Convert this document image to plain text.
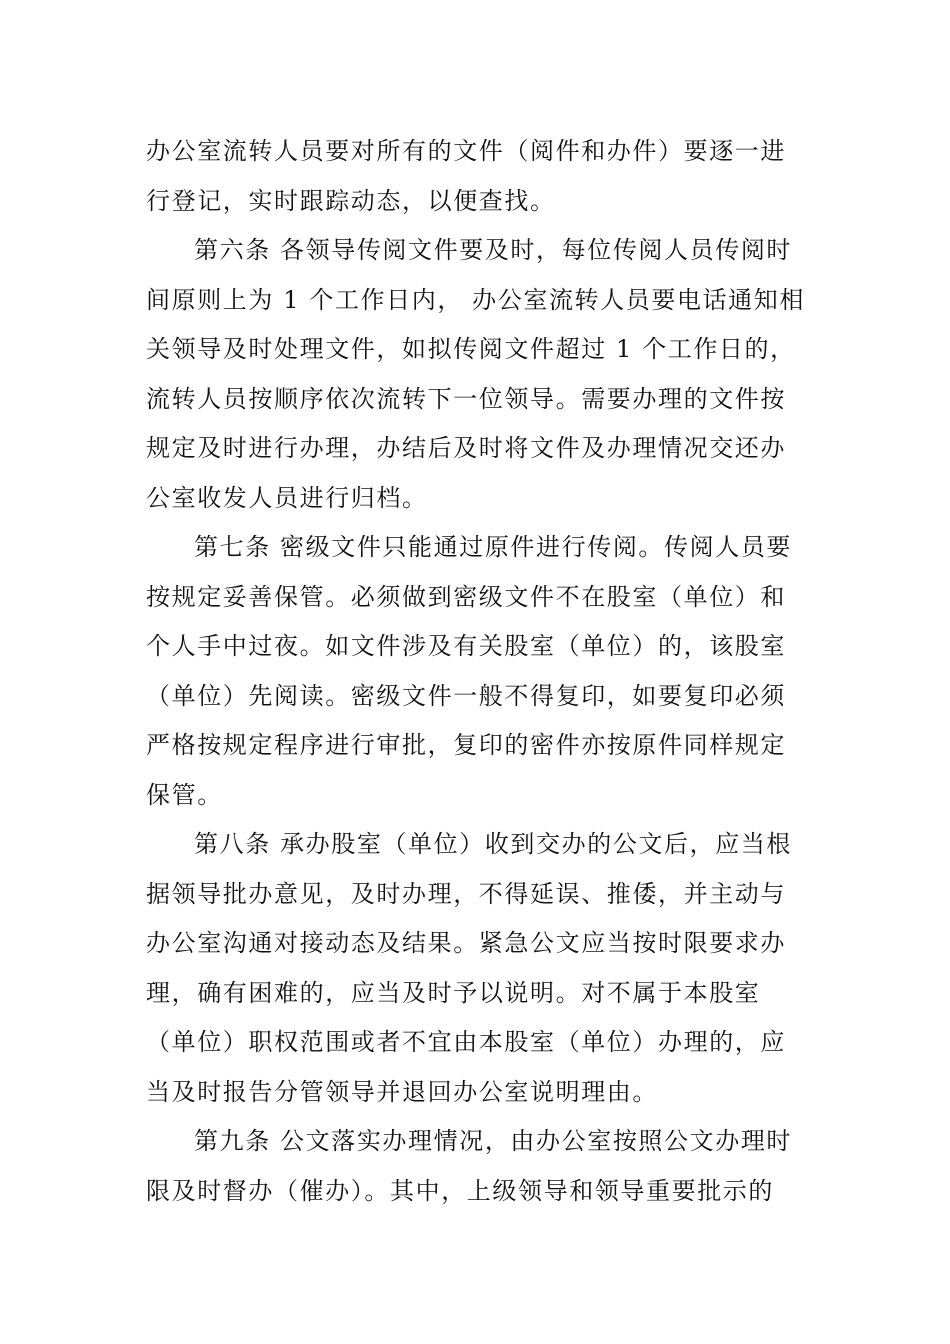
办公室流转人员要对所有的文件（阅件和办件）要逐一进
行登记，实时跟踪动态，以便查找。

第六条 各领导传阅文件要及时，每位传阅人员传阅时
间原则上为 1 个工作日内， 办公室流转人员要电话通知相
关领导及时处理文件，如拟传阅文件超过 1 个工作日的，
流转人员按顺序依次流转下一位领导。需要办理的文件按
规定及时进行办理，办结后及时将文件及办理情况交还办
公室收发人员进行归档。

第七条 密级文件只能通过原件进行传阅。传阅人员要
按规定妥善保管。必须做到密级文件不在股室（单位）和
个人手中过夜。如文件涉及有关股室（单位）的，该股室
（单位）先阅读。密级文件一般不得复印，如要复印必须
严格按规定程序进行审批，复印的密件亦按原件同样规定
保管。

第八条 承办股室（单位）收到交办的公文后，应当根
据领导批办意见，及时办理，不得延误、推倭，并主动与
办公室沟通对接动态及结果。紧急公文应当按时限要求办
理，确有困难的，应当及时予以说明。对不属于本股室
（单位）职权范围或者不宜由本股室（单位）办理的，应
当及时报告分管领导并退回办公室说明理由。

第九条 公文落实办理情况，由办公室按照公文办理时
限及时督办（催办）。其中，上级领导和领导重要批示的
